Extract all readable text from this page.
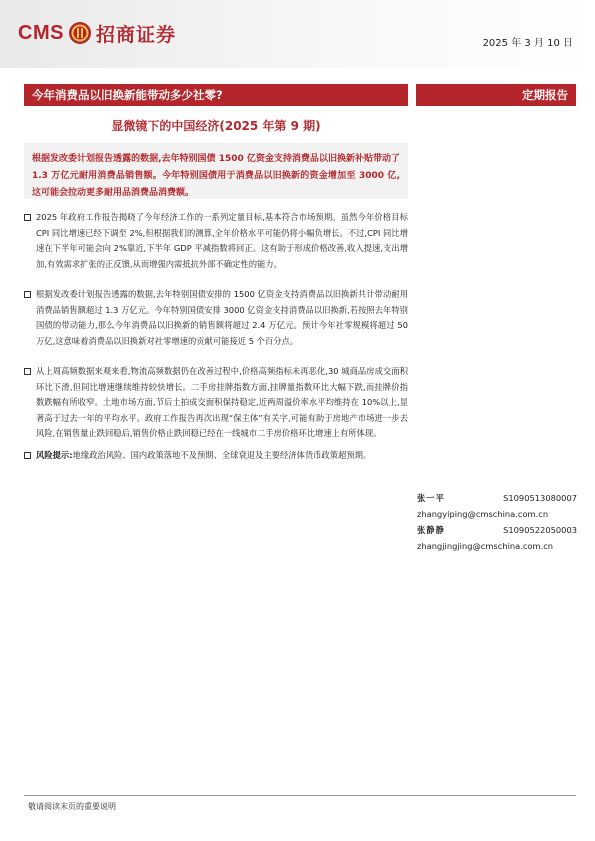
CMS 招商证券	2025 年 3 月 10 日
今年消费品以旧换新能带动多少社零?	定期报告
显微镜下的中国经济(2025 年第 9 期)

根据发改委计划报告透露的数据,去年特别国债 1500 亿资金支持消费品以旧换新补贴带动了 1.3 万亿元耐用消费品销售额。今年特别国债用于消费品以旧换新的资金增加至 3000 亿,这可能会拉动更多耐用品消费品消费额。

2025 年政府工作报告揭晓了今年经济工作的一系列定量目标,基本符合市场预期。虽然今年价格目标 CPI 同比增速已经下调至 2%,但根据我们的测算,全年价格水平可能仍将小幅负增长。不过,CPI 同比增速在下半年可能会向 2%靠近,下半年 GDP 平减指数将回正。这有助于形成价格改善,收入提速,支出增加,有效需求扩张的正反馈,从而增强内需抵抗外部不确定性的能力。
根据发改委计划报告透露的数据,去年特别国债安排的 1500 亿资金支持消费品以旧换新共计带动耐用消费品销售额超过 1.3 万亿元。今年特别国债安排 3000 亿资金支持消费品以旧换新,若按照去年特别国债的带动能力,那么今年消费品以旧换新的销售额将超过 2.4 万亿元。预计今年社零规模将超过 50 万亿,这意味着消费品以旧换新对社零增速的贡献可能接近 5 个百分点。
从上周高频数据来观来看,物流高频数据仍在改善过程中,价格高频指标未再恶化,30 城商品房成交面积环比下滑,但同比增速继续维持较快增长。二手房挂牌指数方面,挂牌量指数环比大幅下跌,而挂牌价指数跌幅有所收窄。土地市场方面,节后土拍成交面积保持稳定,近两周溢价率水平均维持在 10%以上,显著高于过去一年的平均水平。政府工作报告再次出现“保主体”有关字,可能有助于房地产市场进一步去风险,在销售量止跌回稳后,销售价格止跌回稳已经在一线城市二手房价格环比增速上有所体现。
风险提示:地缘政治风险、国内政策落地不及预期、全球衰退及主要经济体货币政策超预期。
张一平	S1090513080007
zhangyiping@cmschina.com.cn
张静静	S1090522050003
zhangjingjing@cmschina.com.cn
敬请阅读末页的重要说明
